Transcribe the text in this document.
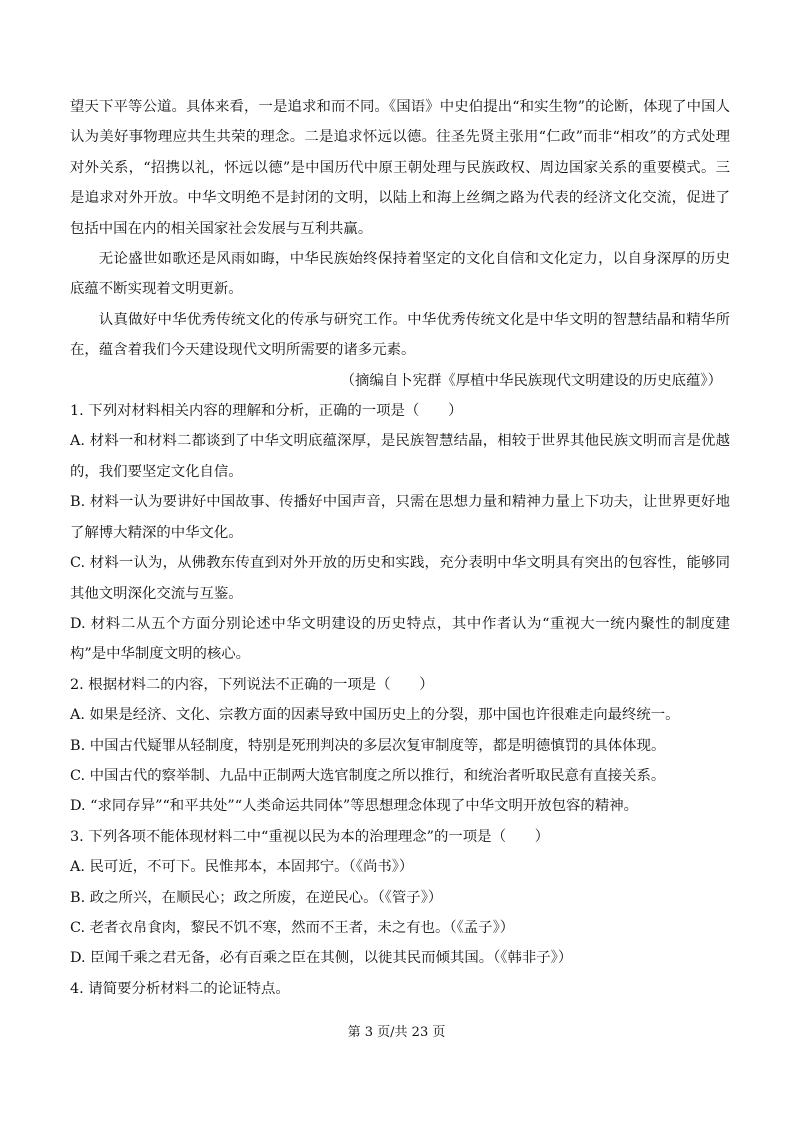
望天下平等公道。具体来看，一是追求和而不同。《国语》中史伯提出“和实生物”的论断，体现了中国人认为美好事物理应共生共荣的理念。二是追求怀远以德。往圣先贤主张用“仁政”而非“相攻”的方式处理对外关系，“招携以礼，怀远以德”是中国历代中原王朝处理与民族政权、周边国家关系的重要模式。三是追求对外开放。中华文明绝不是封闭的文明，以陆上和海上丝绸之路为代表的经济文化交流，促进了包括中国在内的相关国家社会发展与互利共赢。

无论盛世如歌还是风雨如晦，中华民族始终保持着坚定的文化自信和文化定力，以自身深厚的历史底蕴不断实现着文明更新。

认真做好中华优秀传统文化的传承与研究工作。中华优秀传统文化是中华文明的智慧结晶和精华所在，蕴含着我们今天建设现代文明所需要的诸多元素。

（摘编自卜宪群《厚植中华民族现代文明建设的历史底蕴》）

1. 下列对材料相关内容的理解和分析，正确的一项是（　　）

A. 材料一和材料二都谈到了中华文明底蕴深厚，是民族智慧结晶，相较于世界其他民族文明而言是优越的，我们要坚定文化自信。

B. 材料一认为要讲好中国故事、传播好中国声音，只需在思想力量和精神力量上下功夫，让世界更好地了解博大精深的中华文化。

C. 材料一认为，从佛教东传直到对外开放的历史和实践，充分表明中华文明具有突出的包容性，能够同其他文明深化交流与互鉴。

D. 材料二从五个方面分别论述中华文明建设的历史特点，其中作者认为“重视大一统内聚性的制度建构”是中华制度文明的核心。

2. 根据材料二的内容，下列说法不正确的一项是（　　）

A. 如果是经济、文化、宗教方面的因素导致中国历史上的分裂，那中国也许很难走向最终统一。

B. 中国古代疑罪从轻制度，特别是死刑判决的多层次复审制度等，都是明德慎罚的具体体现。

C. 中国古代的察举制、九品中正制两大选官制度之所以推行，和统治者听取民意有直接关系。

D. “求同存异”“和平共处”“人类命运共同体”等思想理念体现了中华文明开放包容的精神。

3. 下列各项不能体现材料二中“重视以民为本的治理理念”的一项是（　　）

A. 民可近，不可下。民惟邦本，本固邦宁。（《尚书》）

B. 政之所兴，在顺民心；政之所废，在逆民心。（《管子》）

C. 老者衣帛食肉，黎民不饥不寒，然而不王者，未之有也。（《孟子》）

D. 臣闻千乘之君无备，必有百乘之臣在其侧，以徙其民而倾其国。（《韩非子》）

4. 请简要分析材料二的论证特点。

第 3 页/共 23 页
